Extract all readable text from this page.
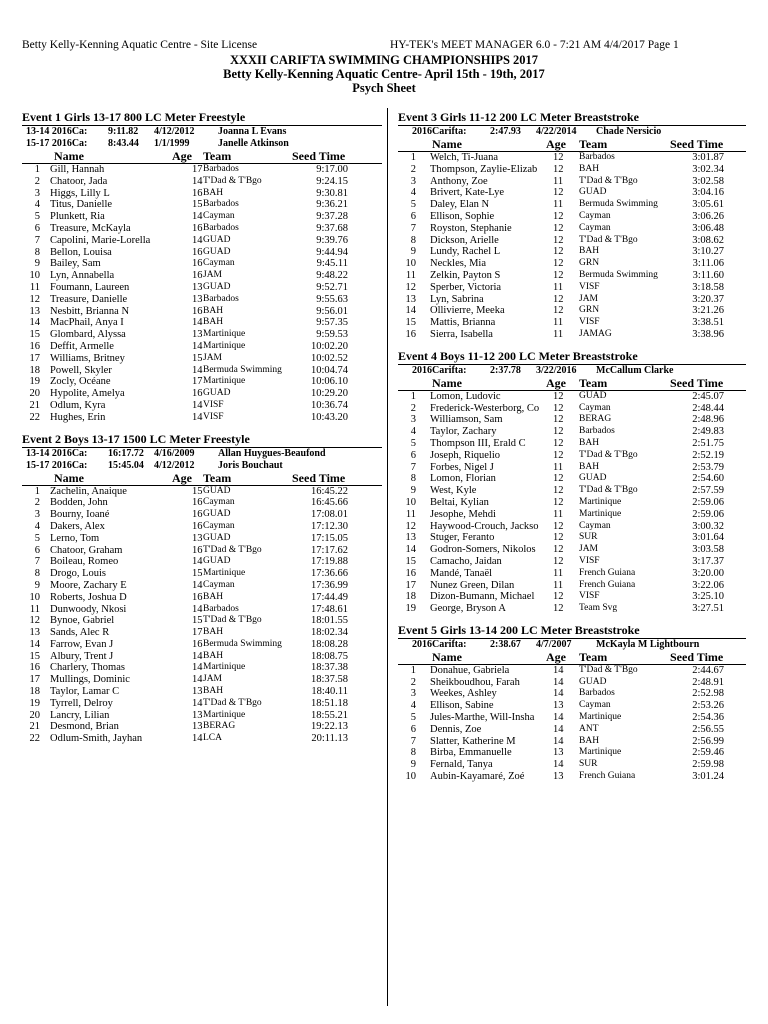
Betty Kelly-Kenning Aquatic Centre - Site License	HY-TEK's MEET MANAGER 6.0 - 7:21 AM 4/4/2017 Page 1
XXXII CARIFTA SWIMMING CHAMPIONSHIPS 2017
Betty Kelly-Kenning Aquatic Centre- April 15th - 19th, 2017
Psych Sheet
Event 1 Girls 13-17 800 LC Meter Freestyle
13-14 2016Ca: 9:11.82 4/12/2012 Joanna L Evans
15-17 2016Ca: 8:43.44 1/1/1999	Janelle Atkinson
Name	Age Team	Seed Time
1 Gill, Hannah	17 Barbados	9:17.00
2 Chatoor, Jada	14 T'Dad & T'Bgo	9:24.15
3 Higgs, Lilly L	16 BAH	9:30.81
4 Titus, Danielle	15 Barbados	9:36.21
5 Plunkett, Ria	14 Cayman	9:37.28
6 Treasure, McKayla	16 Barbados	9:37.68
7 Capolini, Marie-Lorella	14 GUAD	9:39.76
8 Bellon, Louisa	16 GUAD	9:44.94
9 Bailey, Sam	16 Cayman	9:45.11
10 Lyn, Annabella	16 JAM	9:48.22
11 Foumann, Laureen	13 GUAD	9:52.71
12 Treasure, Danielle	13 Barbados	9:55.63
13 Nesbitt, Brianna N	16 BAH	9:56.01
14 MacPhail, Anya I	14 BAH	9:57.35
15 Glombard, Alyssa	13 Martinique	9:59.53
16 Deffit, Armelle	14 Martinique	10:02.20
17 Williams, Britney	15 JAM	10:02.52
18 Powell, Skyler	14 Bermuda Swimming	10:04.74
19 Zocly, Océane	17 Martinique	10:06.10
20 Hypolite, Amelya	16 GUAD	10:29.20
21 Odlum, Kyra	14 VISF	10:36.74
22 Hughes, Erin	14 VISF	10:43.20
Event 2 Boys 13-17 1500 LC Meter Freestyle
13-14 2016Ca: 16:17.72 4/16/2009 Allan Huygues-Beaufond
15-17 2016Ca: 15:45.04 4/12/2012 Joris Bouchaut
Name	Age Team	Seed Time
1 Zachelin, Anaique	15 GUAD	16:45.22
2 Bodden, John	16 Cayman	16:45.66
3 Bourny, Ioané	16 GUAD	17:08.01
4 Dakers, Alex	16 Cayman	17:12.30
5 Lerno, Tom	13 GUAD	17:15.05
6 Chatoor, Graham	16 T'Dad & T'Bgo	17:17.62
7 Boileau, Romeo	14 GUAD	17:19.88
8 Drogo, Louis	15 Martinique	17:36.66
9 Moore, Zachary E	14 Cayman	17:36.99
10 Roberts, Joshua D	16 BAH	17:44.49
11 Dunwoody, Nkosi	14 Barbados	17:48.61
12 Bynoe, Gabriel	15 T'Dad & T'Bgo	18:01.55
13 Sands, Alec R	17 BAH	18:02.34
14 Farrow, Evan J	16 Bermuda Swimming	18:08.28
15 Albury, Trent J	14 BAH	18:08.75
16 Charlery, Thomas	14 Martinique	18:37.38
17 Mullings, Dominic	14 JAM	18:37.58
18 Taylor, Lamar C	13 BAH	18:40.11
19 Tyrrell, Delroy	14 T'Dad & T'Bgo	18:51.18
20 Lancry, Lilian	13 Martinique	18:55.21
21 Desmond, Brian	13 BERAG	19:22.13
22 Odlum-Smith, Jayhan	14 LCA	20:11.13
Event 3 Girls 11-12 200 LC Meter Breaststroke
2016Carifta: 2:47.93 4/22/2014 Chade Nersicio
Name	Age Team	Seed Time
1 Welch, Ti-Juana	12 Barbados	3:01.87
2 Thompson, Zaylie-Elizab	12 BAH	3:02.34
3 Anthony, Zoe	11 T'Dad & T'Bgo	3:02.58
4 Brivert, Kate-Lye	12 GUAD	3:04.16
5 Daley, Elan N	11 Bermuda Swimming	3:05.61
6 Ellison, Sophie	12 Cayman	3:06.26
7 Royston, Stephanie	12 Cayman	3:06.48
8 Dickson, Arielle	12 T'Dad & T'Bgo	3:08.62
9 Lundy, Rachel L	12 BAH	3:10.27
10 Neckles, Mia	12 GRN	3:11.06
11 Zelkin, Payton S	12 Bermuda Swimming	3:11.60
12 Sperber, Victoria	11 VISF	3:18.58
13 Lyn, Sabrina	12 JAM	3:20.37
14 Ollivierre, Meeka	12 GRN	3:21.26
15 Mattis, Brianna	11 VISF	3:38.51
16 Sierra, Isabella	11 JAMAG	3:38.96
Event 4 Boys 11-12 200 LC Meter Breaststroke
2016Carifta: 2:37.78 3/22/2016 McCallum Clarke
Name	Age Team	Seed Time
1 Lomon, Ludovic	12 GUAD	2:45.07
2 Frederick-Westerborg, Co	12 Cayman	2:48.44
3 Williamson, Sam	12 BERAG	2:48.96
4 Taylor, Zachary	12 Barbados	2:49.83
5 Thompson III, Erald C	12 BAH	2:51.75
6 Joseph, Riquelio	12 T'Dad & T'Bgo	2:52.19
7 Forbes, Nigel J	11 BAH	2:53.79
8 Lomon, Florian	12 GUAD	2:54.60
9 West, Kyle	12 T'Dad & T'Bgo	2:57.59
10 Beltai, Kylian	12 Martinique	2:59.06
11 Jesophe, Mehdi	11 Martinique	2:59.06
12 Haywood-Crouch, Jackso	12 Cayman	3:00.32
13 Stuger, Feranto	12 SUR	3:01.64
14 Godron-Somers, Nikolos	12 JAM	3:03.58
15 Camacho, Jaidan	12 VISF	3:17.37
16 Mandé, Tanaël	11 French Guiana	3:20.00
17 Nunez Green, Dilan	11 French Guiana	3:22.06
18 Dizon-Bumann, Michael	12 VISF	3:25.10
19 George, Bryson A	12 Team Svg	3:27.51
Event 5 Girls 13-14 200 LC Meter Breaststroke
2016Carifta: 2:38.67 4/7/2007 McKayla M Lightbourn
Name	Age Team	Seed Time
1 Donahue, Gabriela	14 T'Dad & T'Bgo	2:44.67
2 Sheikboudhou, Farah	14 GUAD	2:48.91
3 Weekes, Ashley	14 Barbados	2:52.98
4 Ellison, Sabine	13 Cayman	2:53.26
5 Jules-Marthe, Will-Insha	14 Martinique	2:54.36
6 Dennis, Zoe	14 ANT	2:56.55
7 Slatter, Katherine M	14 BAH	2:56.99
8 Birba, Emmanuelle	13 Martinique	2:59.46
9 Fernald, Tanya	14 SUR	2:59.98
10 Aubin-Kayamaré, Zoé	13 French Guiana	3:01.24
